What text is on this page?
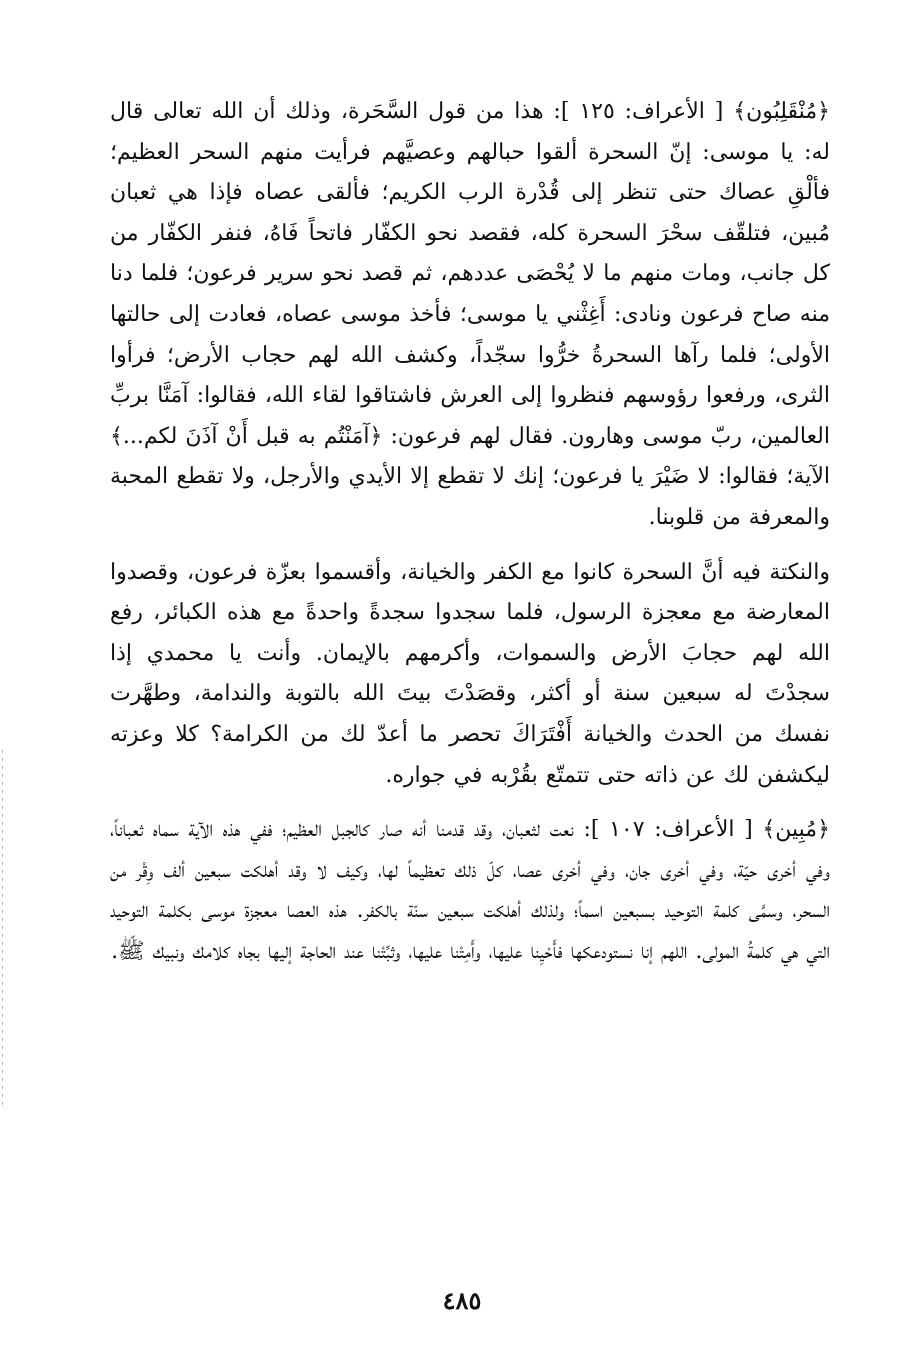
﴿مُنْقَلِبُون﴾ [ الأعراف: ١٢٥ ]: هذا من قول السَّحَرة، وذلك أن الله تعالى قال له: يا موسى: إنّ السحرة ألقوا حبالهم وعصيَّهم فرأيت منهم السحر العظيم؛ فألْقِ عصاك حتى تنظر إلى قُدْرة الرب الكريم؛ فألقى عصاه فإذا هي ثعبان مُبين، فتلقّف سحْرَ السحرة كله، فقصد نحو الكفّار فاتحاً فَاهُ، فنفر الكفّار من كل جانب، ومات منهم ما لا يُحْصَى عددهم، ثم قصد نحو سرير فرعون؛ فلما دنا منه صاح فرعون ونادى: أَغِثْني يا موسى؛ فأخذ موسى عصاه، فعادت إلى حالتها الأولى؛ فلما رآها السحرةُ خرُّوا سجّداً، وكشف الله لهم حجاب الأرض؛ فرأوا الثرى، ورفعوا رؤوسهم فنظروا إلى العرش فاشتاقوا لقاء الله، فقالوا: آمَنَّا بربِّ العالمين، ربّ موسى وهارون. فقال لهم فرعون: ﴿آمَنْتُم به قبل أَنْ آذَنَ لكم...﴾ الآية؛ فقالوا: لا ضَيْرَ يا فرعون؛ إنك لا تقطع إلا الأيدي والأرجل، ولا تقطع المحبة والمعرفة من قلوبنا.

والنكتة فيه أنَّ السحرة كانوا مع الكفر والخيانة، وأقسموا بعزّة فرعون، وقصدوا المعارضة مع معجزة الرسول، فلما سجدوا سجدةً واحدةً مع هذه الكبائر، رفع الله لهم حجابَ الأرض والسموات، وأكرمهم بالإيمان. وأنت يا محمدي إذا سجدْتَ له سبعين سنة أو أكثر، وقصَدْتَ بيتَ الله بالتوبة والندامة، وطهَّرت نفسك من الحدث والخيانة أَفْتَرَاكَ تحصر ما أعدّ لك من الكرامة؟ كلا وعزته ليكشفن لك عن ذاته حتى تتمتّع بقُرْبه في جواره.

﴿مُبِين﴾ [ الأعراف: ١٠٧ ]: نعت لثعبان، وقد قدمنا أنه صار كالجبل العظيم؛ ففي هذه الآية سماه ثعباناً، وفي أخرى حيّة، وفي أخرى جان، وفي أخرى عصا، كلّ ذلك تعظيماً لها، وكيف لا وقد أهلكت سبعين ألف وِقْر من السحر، وسمَّى كلمة التوحيد بسبعين اسماً؛ ولذلك أهلكت سبعين سنّة بالكفر. هذه العصا معجزة موسى بكلمة التوحيد التي هي كلمةُ المولى. اللهم إنا نستودعكها فأَحْيِنا عليها، وأَمِتْنا عليها، وثبِّتْنا عند الحاجة إليها بجاه كلامك ونبيك ﷺ.

٤٨٥
